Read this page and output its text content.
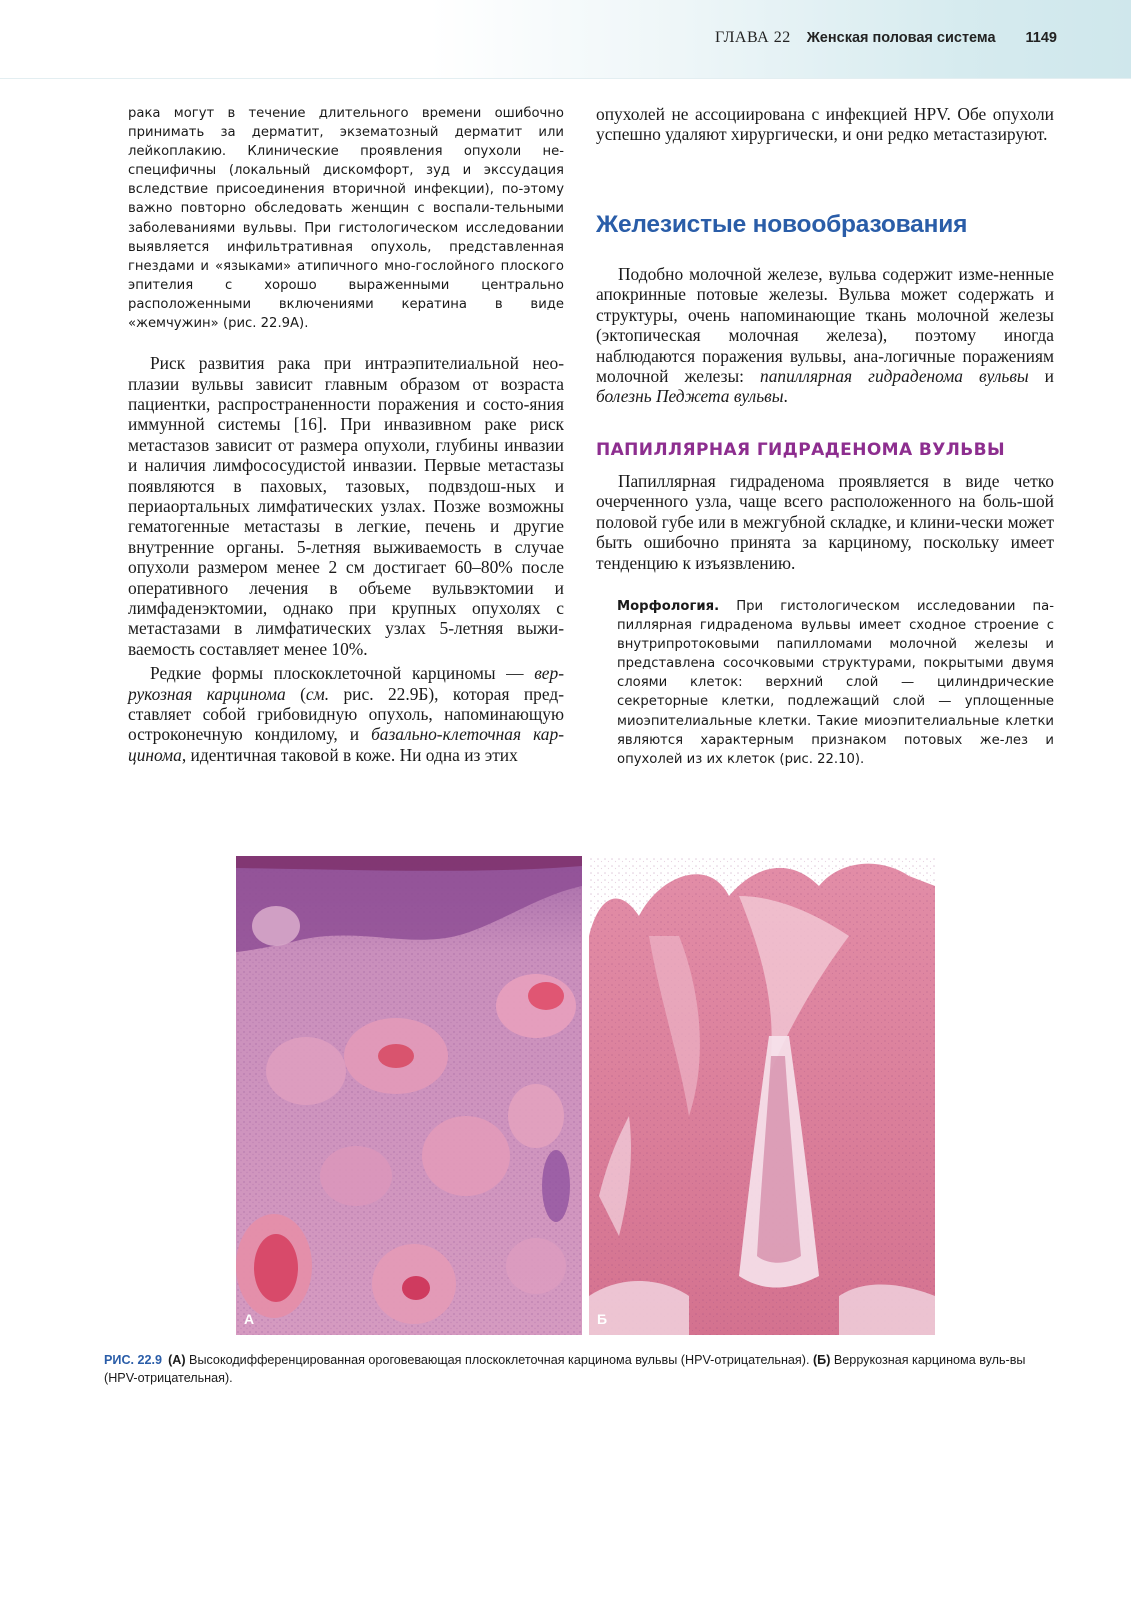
ГЛАВА 22 Женская половая система 1149

рака могут в течение длительного времени ошибочно принимать за дерматит, экзематозный дерматит или лейкоплакию. Клинические проявления опухоли не-специфичны (локальный дискомфорт, зуд и экссудация вследствие присоединения вторичной инфекции), по-этому важно повторно обследовать женщин с воспали-тельными заболеваниями вульвы. При гистологическом исследовании выявляется инфильтративная опухоль, представленная гнездами и «языками» атипичного мно-гослойного плоского эпителия с хорошо выраженными центрально расположенными включениями кератина в виде «жемчужин» (рис. 22.9А).

Риск развития рака при интраэпителиальной нео-плазии вульвы зависит главным образом от возраста пациентки, распространенности поражения и состо-яния иммунной системы [16]. При инвазивном раке риск метастазов зависит от размера опухоли, глубины инвазии и наличия лимфососудистой инвазии. Первые метастазы появляются в паховых, тазовых, подвздош-ных и периаортальных лимфатических узлах. Позже возможны гематогенные метастазы в легкие, печень и другие внутренние органы. 5-летняя выживаемость в случае опухоли размером менее 2 см достигает 60–80% после оперативного лечения в объеме вульвэктомии и лимфаденэктомии, однако при крупных опухолях с метастазами в лимфатических узлах 5-летняя выжи-ваемость составляет менее 10%.

Редкие формы плоскоклеточной карциномы — вер-рукозная карцинома (см. рис. 22.9Б), которая пред-ставляет собой грибовидную опухоль, напоминающую остроконечную кондилому, и базально-клеточная кар-цинома, идентичная таковой в коже. Ни одна из этих

опухолей не ассоциирована с инфекцией HPV. Обе опухоли успешно удаляют хирургически, и они редко метастазируют.

Железистые новообразования

Подобно молочной железе, вульва содержит изме-ненные апокринные потовые железы. Вульва может содержать и структуры, очень напоминающие ткань молочной железы (эктопическая молочная железа), поэтому иногда наблюдаются поражения вульвы, ана-логичные поражениям молочной железы: папиллярная гидраденома вульвы и болезнь Педжета вульвы.

ПАПИЛЛЯРНАЯ ГИДРАДЕНОМА ВУЛЬВЫ

Папиллярная гидраденома проявляется в виде четко очерченного узла, чаще всего расположенного на боль-шой половой губе или в межгубной складке, и клини-чески может быть ошибочно принята за карциному, поскольку имеет тенденцию к изъязвлению.

Морфология. При гистологическом исследовании па-пиллярная гидраденома вульвы имеет сходное строение с внутрипротоковыми папилломами молочной железы и представлена сосочковыми структурами, покрытыми двумя слоями клеток: верхний слой — цилиндрические секреторные клетки, подлежащий слой — уплощенные миоэпителиальные клетки. Такие миоэпителиальные клетки являются характерным признаком потовых же-лез и опухолей из их клеток (рис. 22.10).

А	Б

РИС. 22.9 (А) Высокодифференцированная ороговевающая плоскоклеточная карцинома вульвы (HPV-отрицательная). (Б) Веррукозная карцинома вуль-вы (HPV-отрицательная).
